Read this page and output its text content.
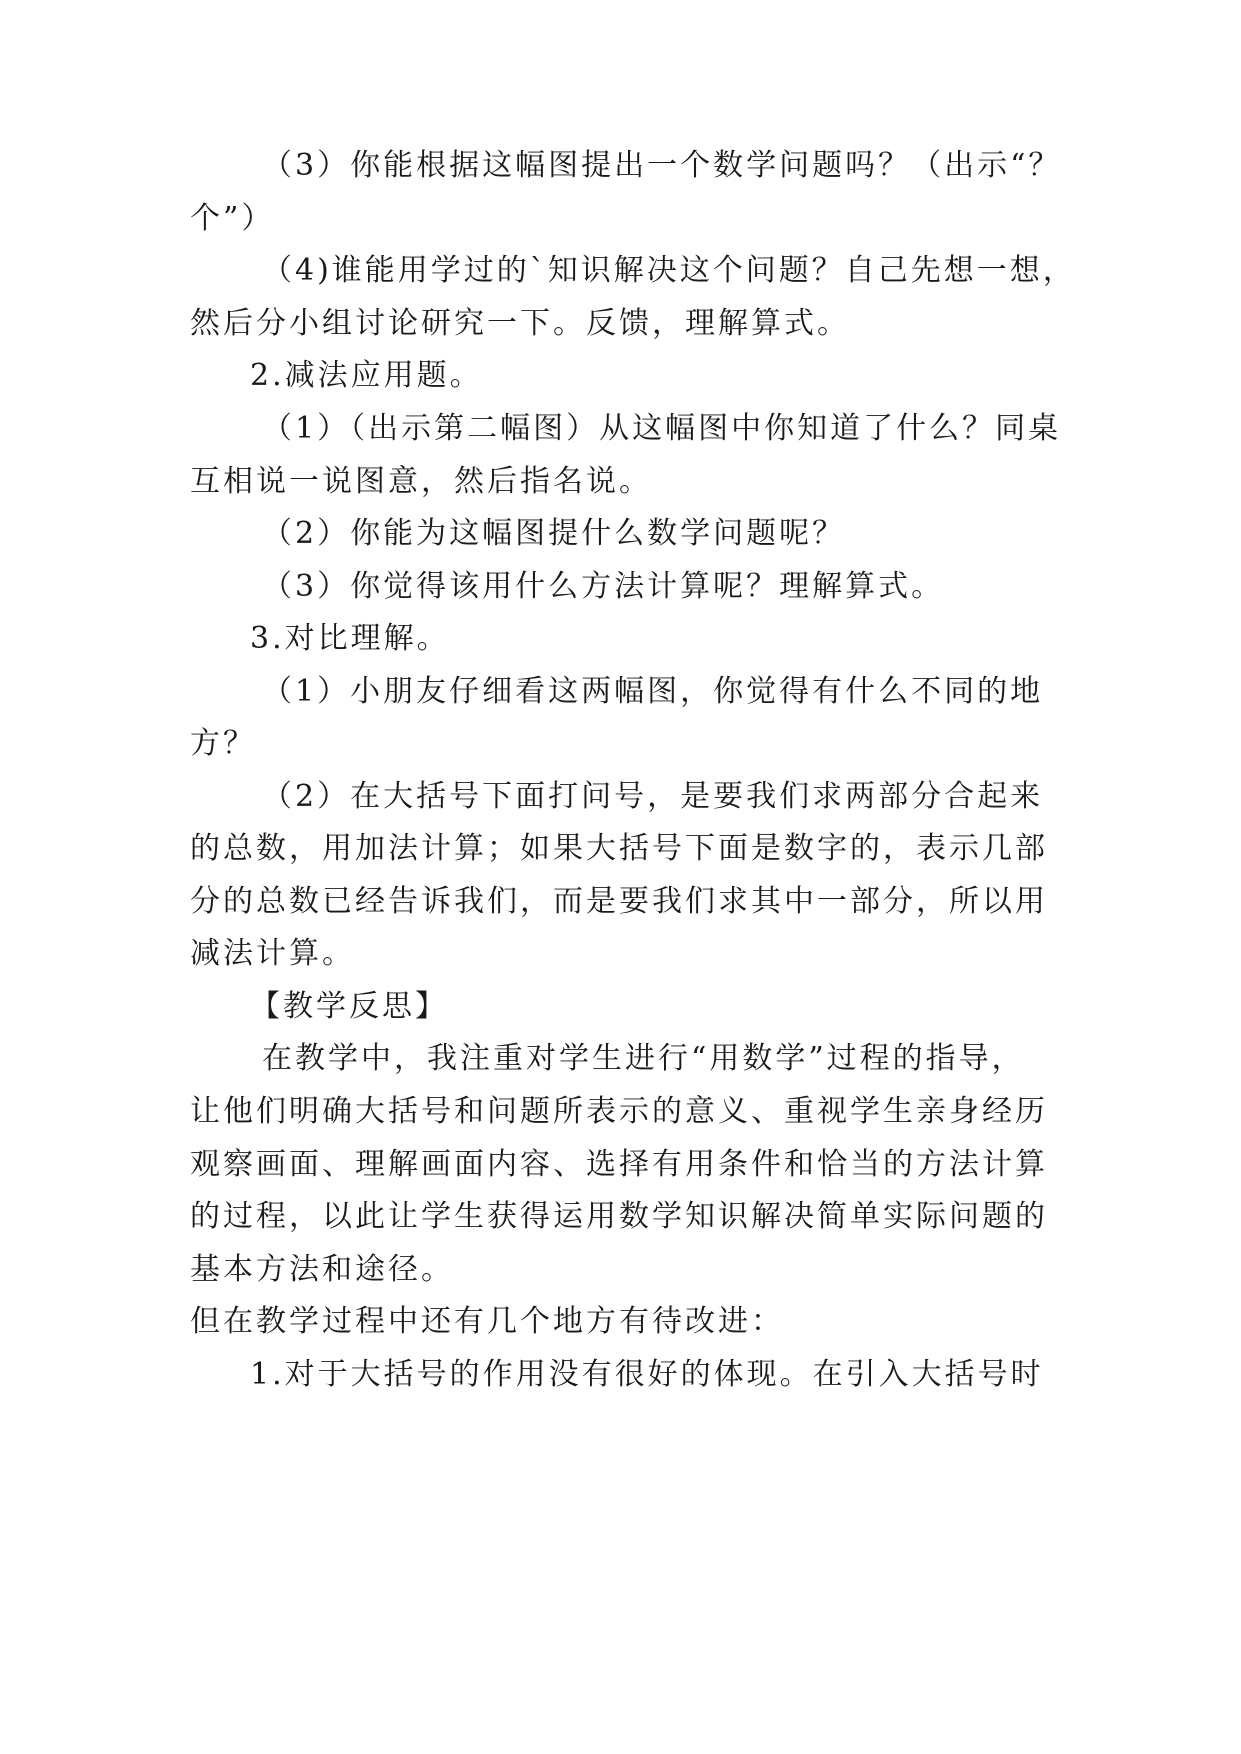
（3）你能根据这幅图提出一个数学问题吗？（出示“？
个”）
（4)谁能用学过的`知识解决这个问题？自己先想一想，
然后分小组讨论研究一下。反馈，理解算式。
2.减法应用题。
（1）（出示第二幅图）从这幅图中你知道了什么？同桌
互相说一说图意，然后指名说。
（2）你能为这幅图提什么数学问题呢？
（3）你觉得该用什么方法计算呢？理解算式。
3.对比理解。
（1）小朋友仔细看这两幅图，你觉得有什么不同的地
方？
（2）在大括号下面打问号，是要我们求两部分合起来
的总数，用加法计算；如果大括号下面是数字的，表示几部
分的总数已经告诉我们，而是要我们求其中一部分，所以用
减法计算。
【教学反思】
在教学中，我注重对学生进行“用数学”过程的指导，
让他们明确大括号和问题所表示的意义、重视学生亲身经历
观察画面、理解画面内容、选择有用条件和恰当的方法计算
的过程，以此让学生获得运用数学知识解决简单实际问题的
基本方法和途径。
但在教学过程中还有几个地方有待改进：
1.对于大括号的作用没有很好的体现。在引入大括号时
